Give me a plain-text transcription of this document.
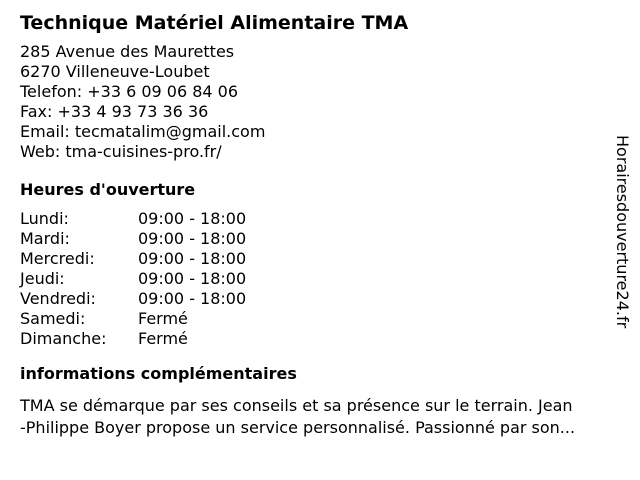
Technique Matériel Alimentaire TMA
285 Avenue des Maurettes
6270 Villeneuve-Loubet
Telefon: +33 6 09 06 84 06
Fax: +33 4 93 73 36 36
Email: tecmatalim@gmail.com
Web: tma-cuisines-pro.fr/
Heures d'ouverture
Lundi:	09:00 - 18:00
Mardi:	09:00 - 18:00
Mercredi:	09:00 - 18:00
Jeudi:	09:00 - 18:00
Vendredi:	09:00 - 18:00
Samedi:	Fermé
Dimanche:	Fermé
informations complémentaires
TMA se démarque par ses conseils et sa présence sur le terrain. Jean
-Philippe Boyer propose un service personnalisé. Passionné par son...
Horairesdouverture24.fr
